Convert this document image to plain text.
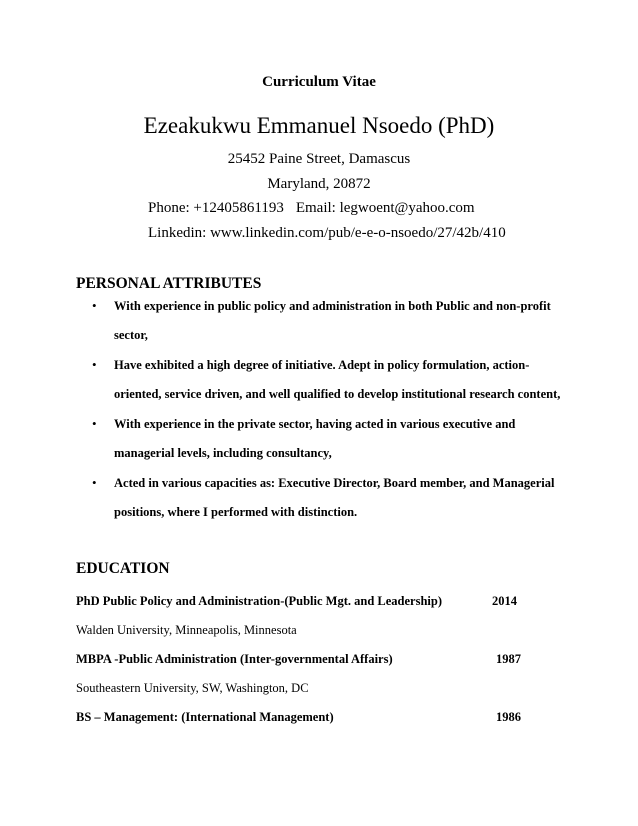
Curriculum Vitae
Ezeakukwu Emmanuel Nsoedo (PhD)
25452 Paine Street, Damascus
Maryland, 20872
Phone: +12405861193 Email: legwoent@yahoo.com
Linkedin: www.linkedin.com/pub/e-e-o-nsoedo/27/42b/410
PERSONAL ATTRIBUTES
• With experience in public policy and administration in both Public and non-profit
sector,
• Have exhibited a high degree of initiative. Adept in policy formulation, action-
oriented, service driven, and well qualified to develop institutional research content,
• With experience in the private sector, having acted in various executive and
managerial levels, including consultancy,
• Acted in various capacities as: Executive Director, Board member, and Managerial
positions, where I performed with distinction.
EDUCATION
PhD Public Policy and Administration-(Public Mgt. and Leadership)	2014
Walden University, Minneapolis, Minnesota
MBPA -Public Administration (Inter-governmental Affairs)	1987
Southeastern University, SW, Washington, DC
BS – Management: (International Management)	1986
